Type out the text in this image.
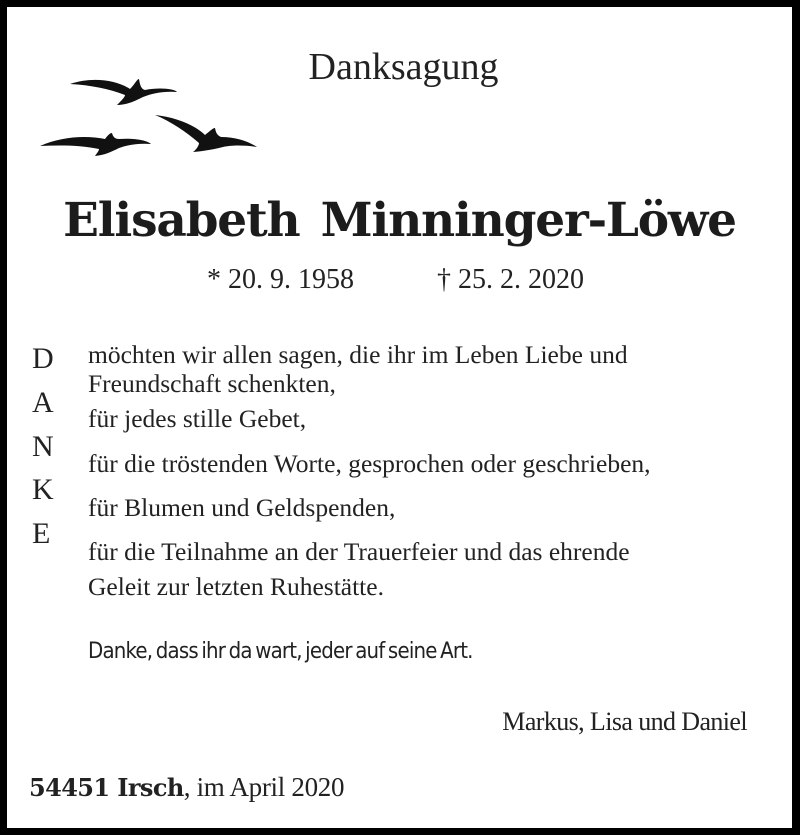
Danksagung
Elisabeth Minninger-Löwe
* 20. 9. 1958	† 25. 2. 2020
D
A
N
K
E
möchten wir allen sagen, die ihr im Leben Liebe und
Freundschaft schenkten,
für jedes stille Gebet,
für die tröstenden Worte, gesprochen oder geschrieben,
für Blumen und Geldspenden,
für die Teilnahme an der Trauerfeier und das ehrende
Geleit zur letzten Ruhestätte.
Danke, dass ihr da wart, jeder auf seine Art.
Markus, Lisa und Daniel
54451 Irsch, im April 2020
